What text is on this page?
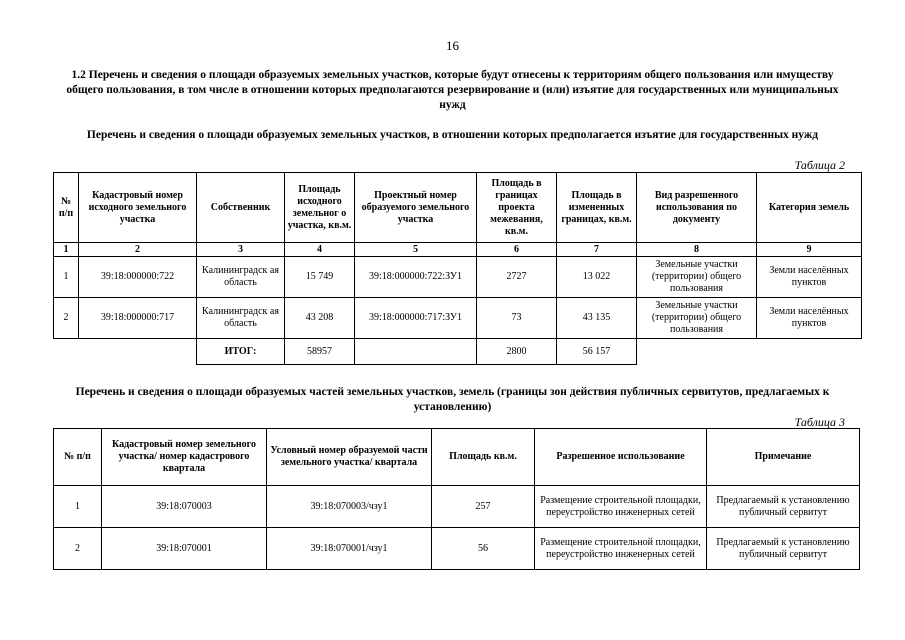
16
1.2 Перечень и сведения о площади образуемых земельных участков, которые будут отнесены к территориям общего пользования или имуществу общего пользования, в том числе в отношении которых предполагаются резервирование и (или) изъятие для государственных или муниципальных нужд
Перечень и сведения о площади образуемых земельных участков, в отношении которых предполагается изъятие для государственных нужд
Таблица 2
№ п/п	Кадастровый номер исходного земельного участка	Собственник	Площадь исходного земельног о участка, кв.м.	Проектный номер образуемого земельного участка	Площадь в границах проекта межевания, кв.м.	Площадь в измененных границах, кв.м.	Вид разрешенного использования по документу	Категория земель
1	2	3	4	5	6	7	8	9
1	39:18:000000:722	Калининградск ая область	15 749	39:18:000000:722:ЗУ1	2727	13 022	Земельные участки (территории) общего пользования	Земли населённых пунктов
2	39:18:000000:717	Калининградск ая область	43 208	39:18:000000:717:ЗУ1	73	43 135	Земельные участки (территории) общего пользования	Земли населённых пунктов
		ИТОГ:	58957		2800	56 157		
Перечень и сведения о площади образуемых частей земельных участков, земель (границы зон действия публичных сервитутов, предлагаемых к установлению)
Таблица 3
№ п/п	Кадастровый номер земельного участка/ номер кадастрового квартала	Условный номер образуемой части земельного участка/ квартала	Площадь кв.м.	Разрешенное использование	Примечание
1	39:18:070003	39:18:070003/чзу1	257	Размещение строительной площадки, переустройство инженерных сетей	Предлагаемый к установлению публичный сервитут
2	39:18:070001	39:18:070001/чзу1	56	Размещение строительной площадки, переустройство инженерных сетей	Предлагаемый к установлению публичный сервитут
